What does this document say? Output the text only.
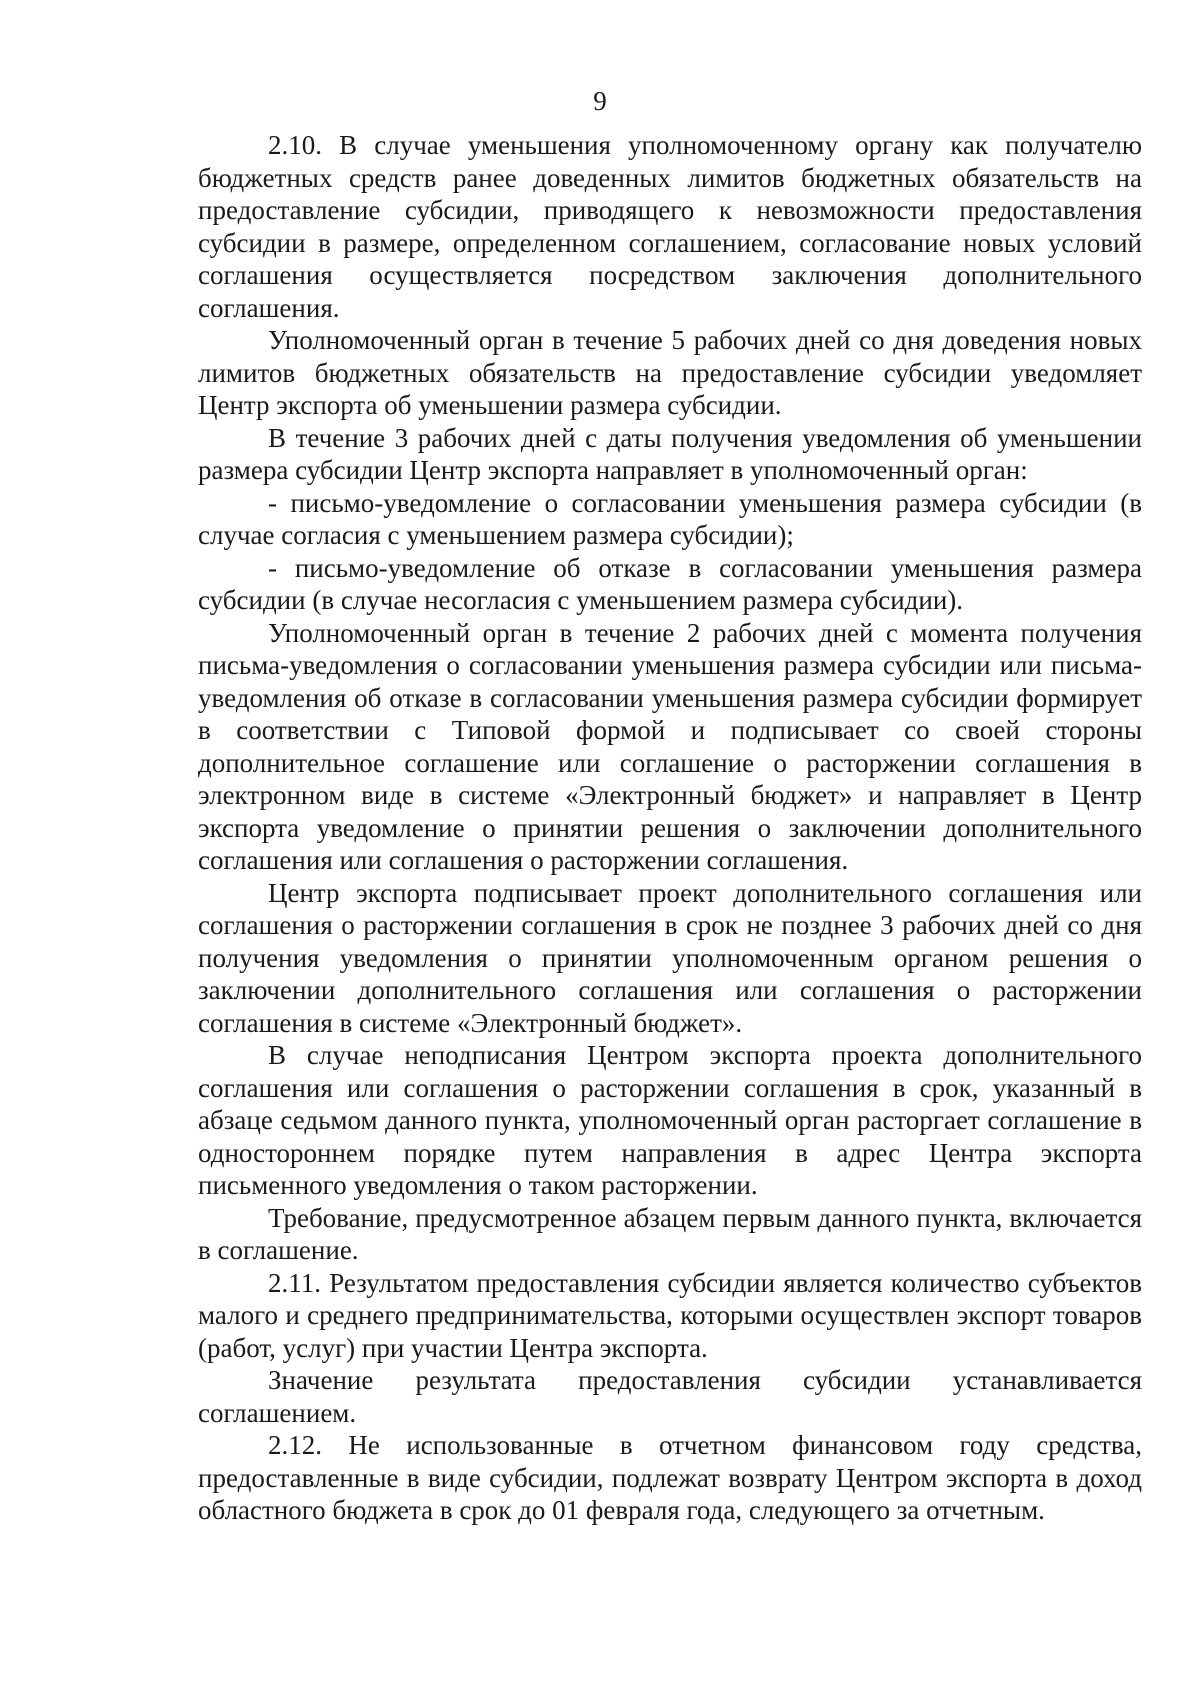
9

2.10. В случае уменьшения уполномоченному органу как получателю бюджетных средств ранее доведенных лимитов бюджетных обязательств на предоставление субсидии, приводящего к невозможности предоставления субсидии в размере, определенном соглашением, согласование новых условий соглашения осуществляется посредством заключения дополнительного соглашения.

Уполномоченный орган в течение 5 рабочих дней со дня доведения новых лимитов бюджетных обязательств на предоставление субсидии уведомляет Центр экспорта об уменьшении размера субсидии.

В течение 3 рабочих дней с даты получения уведомления об уменьшении размера субсидии Центр экспорта направляет в уполномоченный орган:

- письмо-уведомление о согласовании уменьшения размера субсидии (в случае согласия с уменьшением размера субсидии);

- письмо-уведомление об отказе в согласовании уменьшения размера субсидии (в случае несогласия с уменьшением размера субсидии).

Уполномоченный орган в течение 2 рабочих дней с момента получения письма-уведомления о согласовании уменьшения размера субсидии или письма-уведомления об отказе в согласовании уменьшения размера субсидии формирует в соответствии с Типовой формой и подписывает со своей стороны дополнительное соглашение или соглашение о расторжении соглашения в электронном виде в системе «Электронный бюджет» и направляет в Центр экспорта уведомление о принятии решения о заключении дополнительного соглашения или соглашения о расторжении соглашения.

Центр экспорта подписывает проект дополнительного соглашения или соглашения о расторжении соглашения в срок не позднее 3 рабочих дней со дня получения уведомления о принятии уполномоченным органом решения о заключении дополнительного соглашения или соглашения о расторжении соглашения в системе «Электронный бюджет».

В случае неподписания Центром экспорта проекта дополнительного соглашения или соглашения о расторжении соглашения в срок, указанный в абзаце седьмом данного пункта, уполномоченный орган расторгает соглашение в одностороннем порядке путем направления в адрес Центра экспорта письменного уведомления о таком расторжении.

Требование, предусмотренное абзацем первым данного пункта, включается в соглашение.

2.11. Результатом предоставления субсидии является количество субъектов малого и среднего предпринимательства, которыми осуществлен экспорт товаров (работ, услуг) при участии Центра экспорта.

Значение результата предоставления субсидии устанавливается соглашением.

2.12. Не использованные в отчетном финансовом году средства, предоставленные в виде субсидии, подлежат возврату Центром экспорта в доход областного бюджета в срок до 01 февраля года, следующего за отчетным.
